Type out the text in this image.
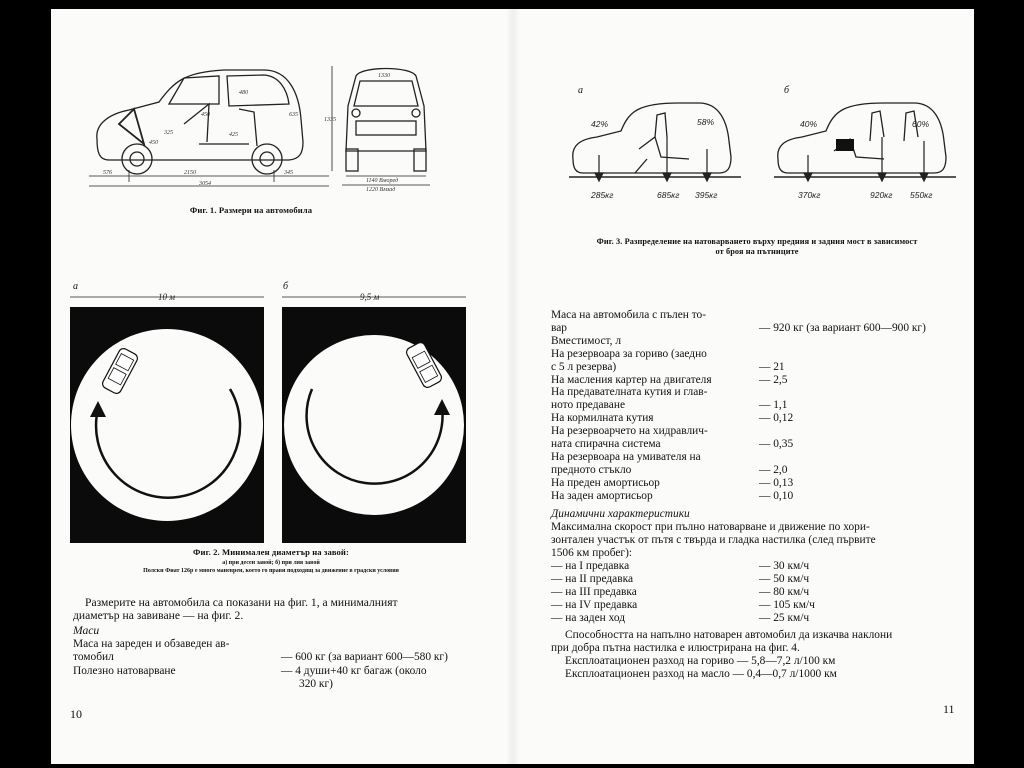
576	2150	345
3054
480
450
450
635
325	425
1330
1335
1140 Вморед
1220 Вмзад
Фиг. 1. Размери на автомобила
а	б
10 м	9,5 м
Фиг. 2. Минимален диаметър на завой:
а) при десен завой; б) при ляв завой
Полски Фиат 126р е много маневрен, което го прави подходящ за движение в градски условия
Размерите на автомобила са показани на фиг. 1, а минималният
диаметър на завиване — на фиг. 2.
Маси
Маса на зареден и обзаведен ав-
томобил	— 600 кг (за вариант 600—580 кг)
Полезно натоварване	— 4 души+40 кг багаж (около
320 кг)
10
а	б
42%	58%
285кг	685кг 395кг
40%	60%
370кг	920кг 550кг
Фиг. 3. Разпределение на натоварването върху предния и задния мост в зависимост
от броя на пътниците
Маса на автомобила с пълен то-
вар	— 920 кг (за вариант 600—900 кг)
Вместимост, л
На резервоара за гориво (заедно
с 5 л резерва)	— 21
На масления картер на двигателя	— 2,5
На предавателната кутия и глав-
ното предаване	— 1,1
На кормилната кутия	— 0,12
На резервоарчето на хидравлич-
ната спирачна система	— 0,35
На резервоара на умивателя на
предното стъкло	— 2,0
На преден амортисьор	— 0,13
На заден амортисьор	— 0,10
Динамични характеристики
Максимална скорост при пълно натоварване и движение по хори-
зонтален участък от пътя с твърда и гладка настилка (след първите
1506 км пробег):
— на I предавка	— 30 км/ч
— на II предавка	— 50 км/ч
— на III предавка	— 80 км/ч
— на IV предавка	— 105 км/ч
— на заден ход	— 25 км/ч
Способността на напълно натоварен автомобил да изкачва наклони
при добра пътна настилка е илюстрирана на фиг. 4.
Експлоатационен разход на гориво — 5,8—7,2 л/100 км
Експлоатационен разход на масло — 0,4—0,7 л/1000 км
11
